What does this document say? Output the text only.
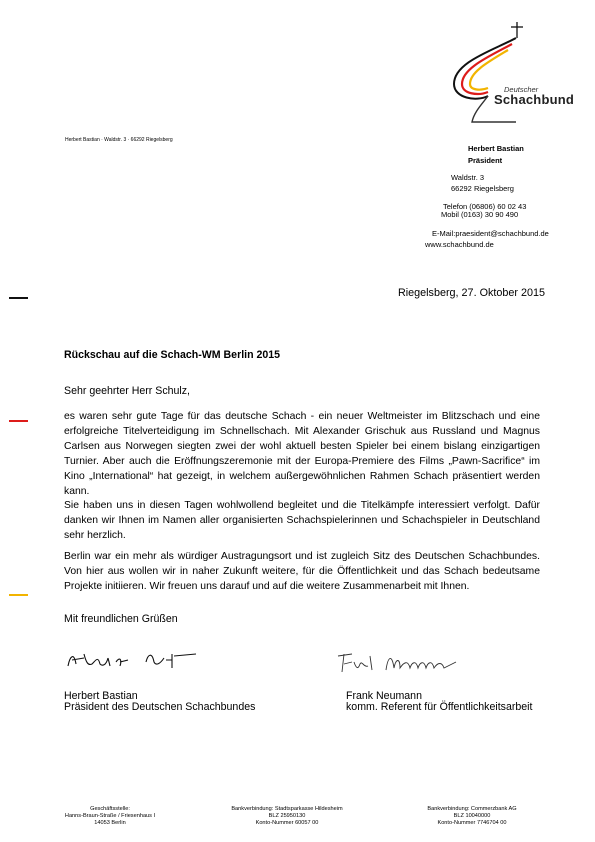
Deutscher
Schachbund
Herbert Bastian · Waldstr. 3 · 66292 Riegelsberg
Herbert Bastian
Präsident
Waldstr. 3
66292 Riegelsberg
Telefon (06806) 60 02 43
Mobil (0163) 30 90 490
E-Mail:praesident@schachbund.de
www.schachbund.de
Riegelsberg, 27. Oktober 2015
Rückschau auf die Schach-WM Berlin 2015
Sehr geehrter Herr Schulz,

es waren sehr gute Tage für das deutsche Schach - ein neuer Weltmeister im Blitzschach und eine erfolgreiche Titelverteidigung im Schnellschach. Mit Alexander Grischuk aus Russland und Magnus Carlsen aus Norwegen siegten zwei der wohl aktuell besten Spieler bei einem bislang einzigartigen Turnier. Aber auch die Eröffnungszeremonie mit der Europa-Premiere des Films „Pawn-Sacrifice“ im Kino „International“ hat gezeigt, in welchem außergewöhnlichen Rahmen Schach präsentiert werden kann.

Sie haben uns in diesen Tagen wohlwollend begleitet und die Titelkämpfe interessiert verfolgt. Dafür danken wir Ihnen im Namen aller organisierten Schachspielerinnen und Schachspieler in Deutschland sehr herzlich.

Berlin war ein mehr als würdiger Austragungsort und ist zugleich Sitz des Deutschen Schachbundes. Von hier aus wollen wir in naher Zukunft weitere, für die Öffentlichkeit und das Schach bedeutsame Projekte initiieren. Wir freuen uns darauf und auf die weitere Zusammenarbeit mit Ihnen.

Mit freundlichen Grüßen
Herbert Bastian
Präsident des Deutschen Schachbundes
Frank Neumann
komm. Referent für Öffentlichkeitsarbeit
Geschäftsstelle:
Hanns-Braun-Straße / Friesenhaus I
14053 Berlin
Bankverbindung: Stadtsparkasse Hildesheim
BLZ 25950130
Konto-Nummer 60057 00
Bankverbindung: Commerzbank AG
BLZ 10040000
Konto-Nummer 7746704 00
